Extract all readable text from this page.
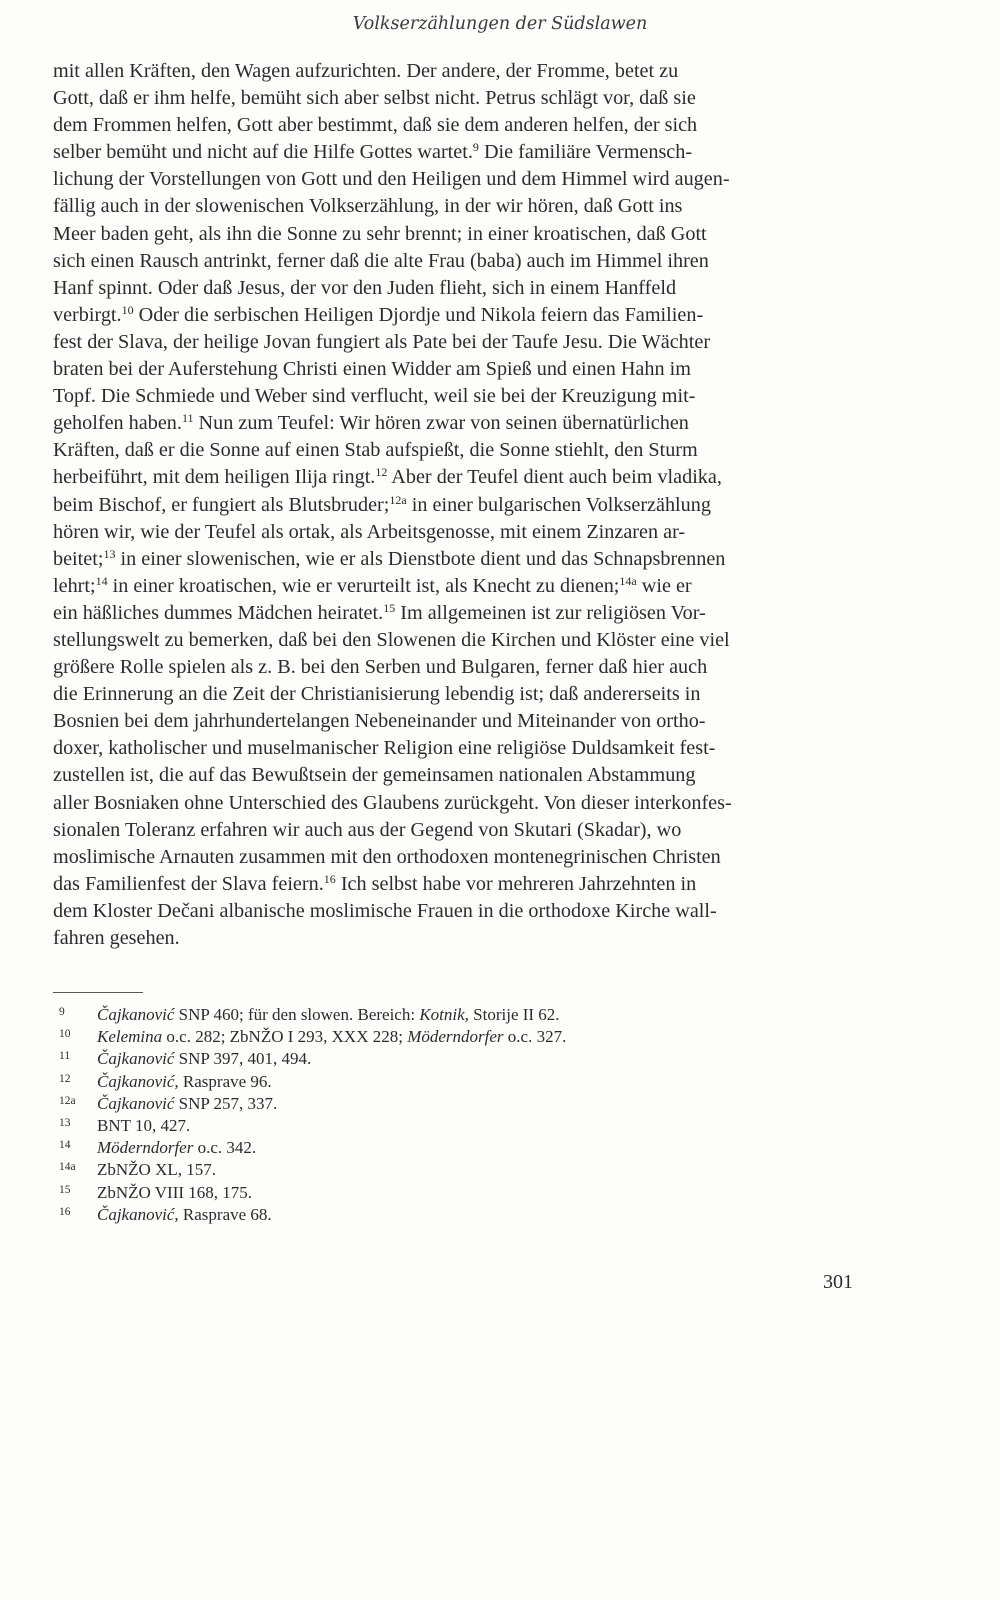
Volkserzählungen der Südslawen
mit allen Kräften, den Wagen aufzurichten. Der andere, der Fromme, betet zu
Gott, daß er ihm helfe, bemüht sich aber selbst nicht. Petrus schlägt vor, daß sie
dem Frommen helfen, Gott aber bestimmt, daß sie dem anderen helfen, der sich
selber bemüht und nicht auf die Hilfe Gottes wartet.$^9$ Die familiäre Vermensch-
lichung der Vorstellungen von Gott und den Heiligen und dem Himmel wird augen-
fällig auch in der slowenischen Volkserzählung, in der wir hören, daß Gott ins
Meer baden geht, als ihn die Sonne zu sehr brennt; in einer kroatischen, daß Gott
sich einen Rausch antrinkt, ferner daß die alte Frau (baba) auch im Himmel ihren
Hanf spinnt. Oder daß Jesus, der vor den Juden flieht, sich in einem Hanffeld
verbirgt.$^{10}$ Oder die serbischen Heiligen Djordje und Nikola feiern das Familien-
fest der Slava, der heilige Jovan fungiert als Pate bei der Taufe Jesu. Die Wächter
braten bei der Auferstehung Christi einen Widder am Spieß und einen Hahn im
Topf. Die Schmiede und Weber sind verflucht, weil sie bei der Kreuzigung mit-
geholfen haben.$^{11}$ Nun zum Teufel: Wir hören zwar von seinen übernatürlichen
Kräften, daß er die Sonne auf einen Stab aufspießt, die Sonne stiehlt, den Sturm
herbeiführt, mit dem heiligen Ilija ringt.$^{12}$ Aber der Teufel dient auch beim vladika,
beim Bischof, er fungiert als Blutsbruder;$^{12a}$ in einer bulgarischen Volkserzählung
hören wir, wie der Teufel als ortak, als Arbeitsgenosse, mit einem Zinzaren ar-
beitet;$^{13}$ in einer slowenischen, wie er als Dienstbote dient und das Schnapsbrennen
lehrt;$^{14}$ in einer kroatischen, wie er verurteilt ist, als Knecht zu dienen;$^{14a}$ wie er
ein häßliches dummes Mädchen heiratet.$^{15}$ Im allgemeinen ist zur religiösen Vor-
stellungswelt zu bemerken, daß bei den Slowenen die Kirchen und Klöster eine viel
größere Rolle spielen als z. B. bei den Serben und Bulgaren, ferner daß hier auch
die Erinnerung an die Zeit der Christianisierung lebendig ist; daß andererseits in
Bosnien bei dem jahrhundertelangen Nebeneinander und Miteinander von ortho-
doxer, katholischer und muselmanischer Religion eine religiöse Duldsamkeit fest-
zustellen ist, die auf das Bewußtsein der gemeinsamen nationalen Abstammung
aller Bosniaken ohne Unterschied des Glaubens zurückgeht. Von dieser interkonfes-
sionalen Toleranz erfahren wir auch aus der Gegend von Skutari (Skadar), wo
moslimische Arnauten zusammen mit den orthodoxen montenegrinischen Christen
das Familienfest der Slava feiern.$^{16}$ Ich selbst habe vor mehreren Jahrzehnten in
dem Kloster Dečani albanische moslimische Frauen in die orthodoxe Kirche wall-
fahren gesehen.
9 Čajkanović SNP 460; für den slowen. Bereich: Kotnik, Storije II 62.
10 Kelemina o.c. 282; ZbNŽO I 293, XXX 228; Möderndorfer o.c. 327.
11 Čajkanović SNP 397, 401, 494.
12 Čajkanović, Rasprave 96.
12a Čajkanović SNP 257, 337.
13 BNT 10, 427.
14 Möderndorfer o.c. 342.
14a ZbNŽO XL, 157.
15 ZbNŽO VIII 168, 175.
16 Čajkanović, Rasprave 68.
301
